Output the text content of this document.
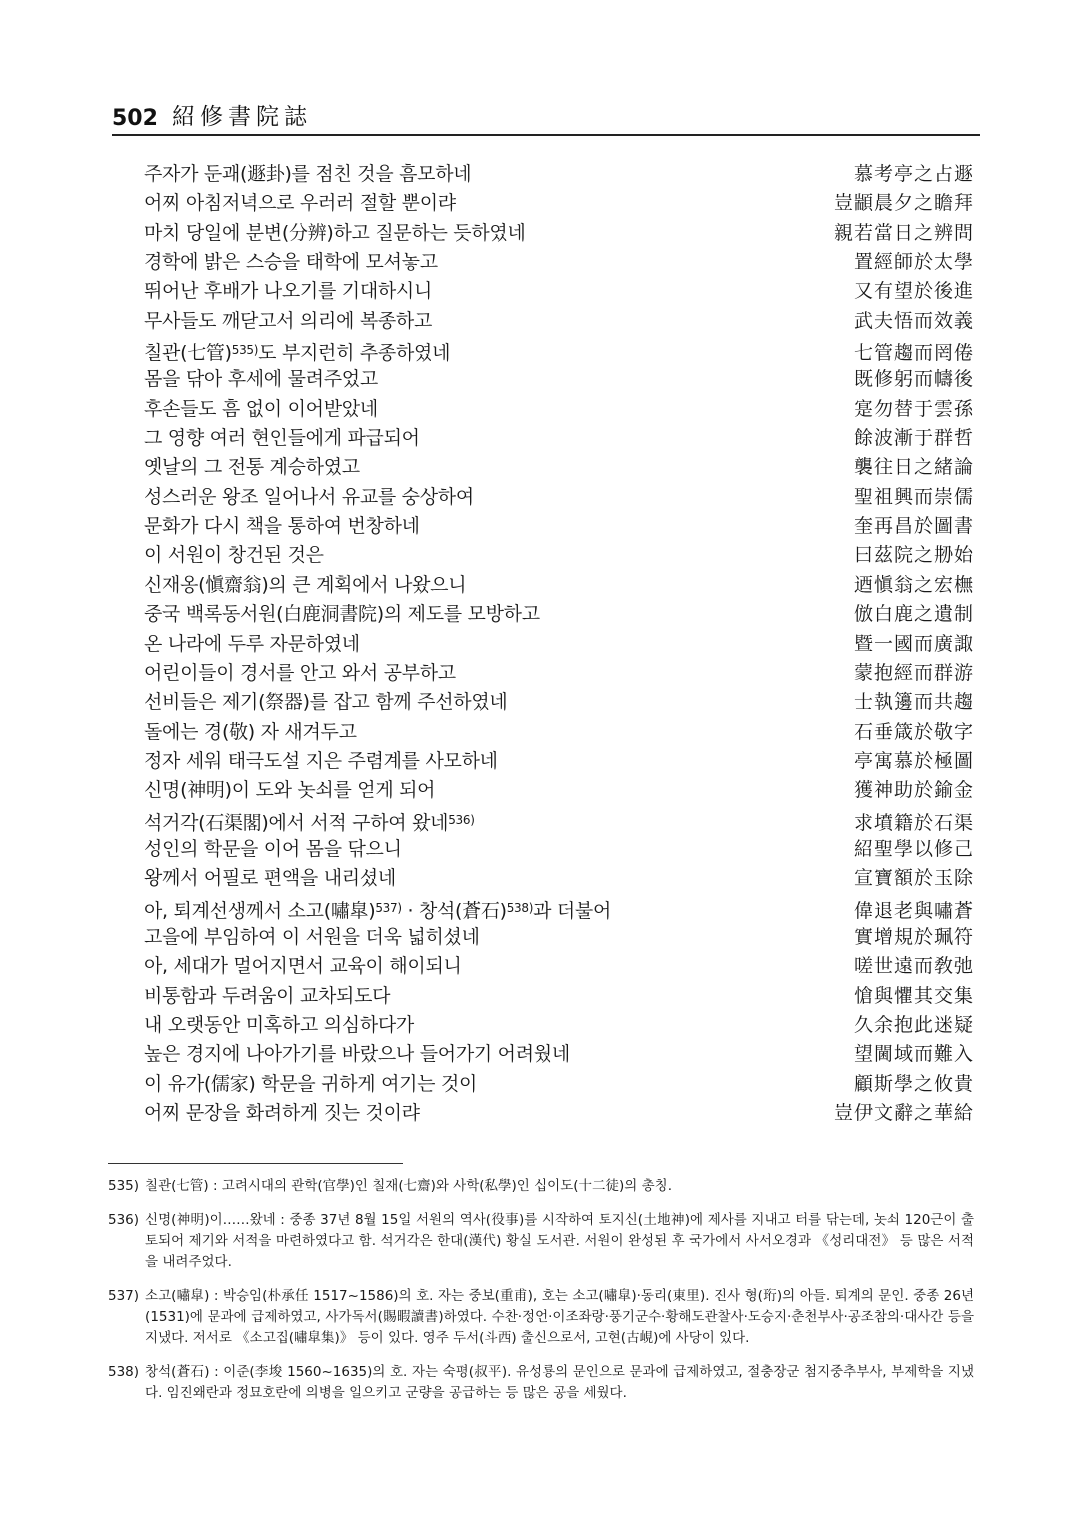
502 紹修書院誌
주자가 둔괘(遯卦)를 점친 것을 흠모하네	慕考亭之占遯
어찌 아침저녁으로 우러러 절할 뿐이랴	豈顓晨夕之瞻拜
마치 당일에 분변(分辨)하고 질문하는 듯하였네	親若當日之辨問
경학에 밝은 스승을 태학에 모셔놓고	置經師於太學
뛰어난 후배가 나오기를 기대하시니	又有望於後進
무사들도 깨닫고서 의리에 복종하고	武夫悟而效義
칠관(七管)$^{535)}$도 부지런히 추종하였네	七管趨而罔倦
몸을 닦아 후세에 물려주었고	既修躬而幬後
후손들도 흠 없이 이어받았네	寔勿替于雲孫
그 영향 여러 현인들에게 파급되어	餘波漸于群哲
옛날의 그 전통 계승하였고	襲往日之緒論
성스러운 왕조 일어나서 유교를 숭상하여	聖祖興而崇儒
문화가 다시 책을 통하여 번창하네	奎再昌於圖書
이 서원이 창건된 것은	曰茲院之刱始
신재옹(愼齋翁)의 큰 계획에서 나왔으니	迺愼翁之宏橅
중국 백록동서원(白鹿洞書院)의 제도를 모방하고	倣白鹿之遺制
온 나라에 두루 자문하였네	暨一國而廣諏
어린이들이 경서를 안고 와서 공부하고	蒙抱經而群游
선비들은 제기(祭器)를 잡고 함께 주선하였네	士執籩而共趨
돌에는 경(敬) 자 새겨두고	石垂箴於敬字
정자 세워 태극도설 지은 주렴계를 사모하네	亭寓慕於極圖
신명(神明)이 도와 놋쇠를 얻게 되어	獲神助於鍮金
석거각(石渠閣)에서 서적 구하여 왔네$^{536)}$	求墳籍於石渠
성인의 학문을 이어 몸을 닦으니	紹聖學以修己
왕께서 어필로 편액을 내리셨네	宣寶額於玉除
아, 퇴계선생께서 소고(嘯皐)$^{537)}$ · 창석(蒼石)$^{538)}$과 더불어	偉退老與嘯蒼
고을에 부임하여 이 서원을 더욱 넓히셨네	實增規於珮符
아, 세대가 멀어지면서 교육이 해이되니	嗟世遠而敎弛
비통함과 두려움이 교차되도다	愴與懼其交集
내 오랫동안 미혹하고 의심하다가	久余抱此迷疑
높은 경지에 나아가기를 바랐으나 들어가기 어려웠네	望閫域而難入
이 유가(儒家) 학문을 귀하게 여기는 것이	顧斯學之攸貴
어찌 문장을 화려하게 짓는 것이랴	豈伊文辭之華給
535) 칠관(七管) : 고려시대의 관학(官學)인 칠재(七齋)와 사학(私學)인 십이도(十二徒)의 총칭.
536) 신명(神明)이……왔네 : 중종 37년 8월 15일 서원의 역사(役事)를 시작하여 토지신(土地神)에 제사를 지내고 터를 닦는데, 놋쇠 120근이 출토되어 제기와 서적을 마련하였다고 함. 석거각은 한대(漢代) 황실 도서관. 서원이 완성된 후 국가에서 사서오경과 《성리대전》 등 많은 서적을 내려주었다.
537) 소고(嘯皐) : 박승임(朴承任 1517~1586)의 호. 자는 중보(重甫), 호는 소고(嘯皐)·동리(東里). 진사 형(珩)의 아들. 퇴계의 문인. 중종 26년(1531)에 문과에 급제하였고, 사가독서(賜暇讀書)하였다. 수찬·정언·이조좌랑·풍기군수·황해도관찰사·도승지·춘천부사·공조참의·대사간 등을 지냈다. 저서로 《소고집(嘯皐集)》 등이 있다. 영주 두서(斗西) 출신으로서, 고현(古峴)에 사당이 있다.
538) 창석(蒼石) : 이준(李埈 1560~1635)의 호. 자는 숙평(叔平). 유성룡의 문인으로 문과에 급제하였고, 절충장군 첨지중추부사, 부제학을 지냈다. 임진왜란과 정묘호란에 의병을 일으키고 군량을 공급하는 등 많은 공을 세웠다.
